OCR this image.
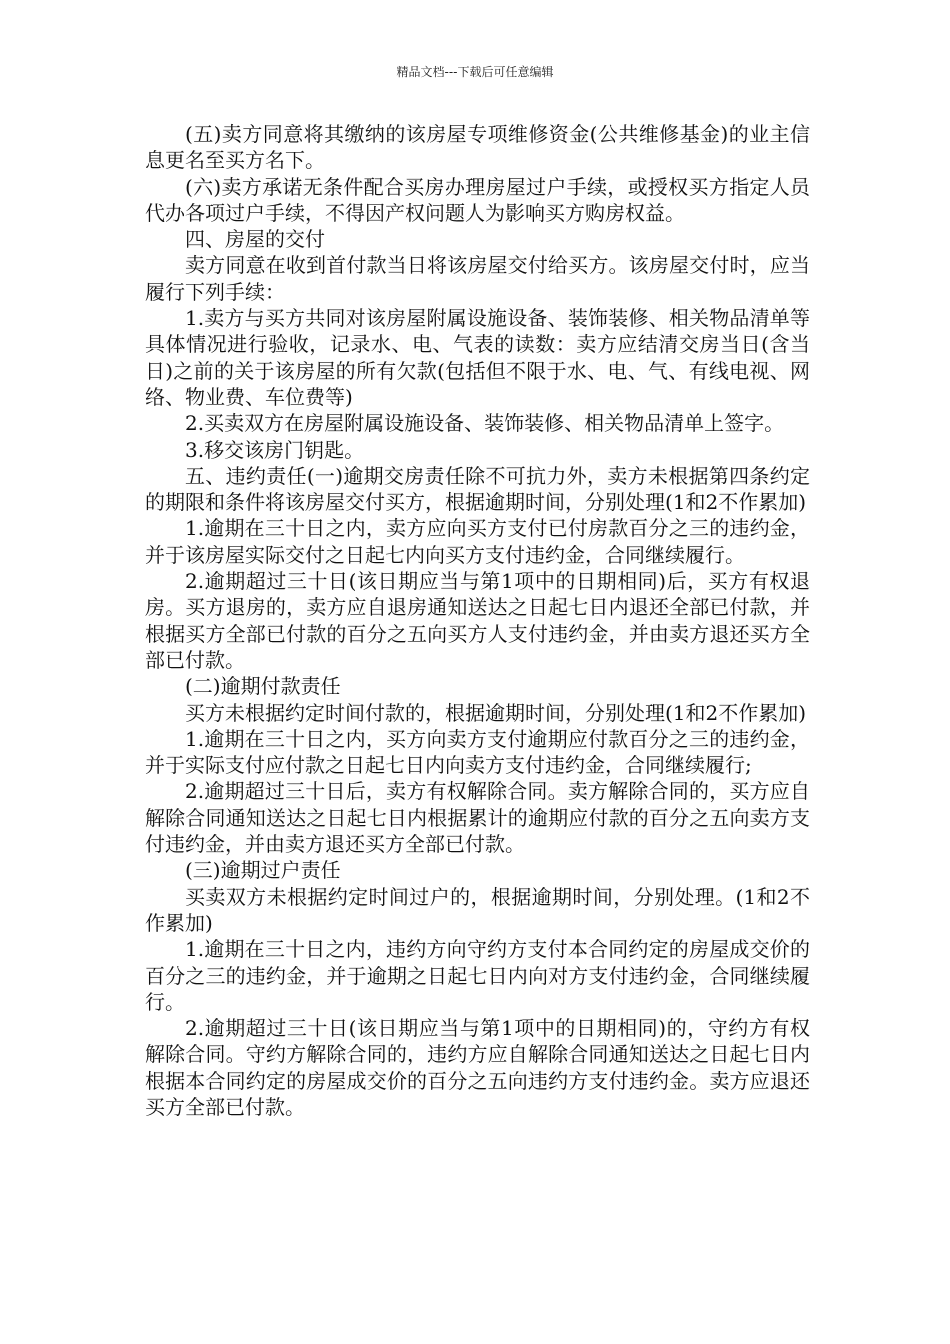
精品文档---下载后可任意编辑

(五)卖方同意将其缴纳的该房屋专项维修资金(公共维修基金)的业主信息更名至买方名下。

(六)卖方承诺无条件配合买房办理房屋过户手续，或授权买方指定人员代办各项过户手续，不得因产权问题人为影响买方购房权益。

四、房屋的交付

卖方同意在收到首付款当日将该房屋交付给买方。该房屋交付时，应当履行下列手续：

1.卖方与买方共同对该房屋附属设施设备、装饰装修、相关物品清单等具体情况进行验收，记录水、电、气表的读数：卖方应结清交房当日(含当日)之前的关于该房屋的所有欠款(包括但不限于水、电、气、有线电视、网络、物业费、车位费等)

2.买卖双方在房屋附属设施设备、装饰装修、相关物品清单上签字。

3.移交该房门钥匙。

五、违约责任(一)逾期交房责任除不可抗力外，卖方未根据第四条约定的期限和条件将该房屋交付买方，根据逾期时间，分别处理(1和2不作累加)

1.逾期在三十日之内，卖方应向买方支付已付房款百分之三的违约金，并于该房屋实际交付之日起七内向买方支付违约金，合同继续履行。

2.逾期超过三十日(该日期应当与第1项中的日期相同)后，买方有权退房。买方退房的，卖方应自退房通知送达之日起七日内退还全部已付款，并根据买方全部已付款的百分之五向买方人支付违约金，并由卖方退还买方全部已付款。

(二)逾期付款责任

买方未根据约定时间付款的，根据逾期时间，分别处理(1和2不作累加)

1.逾期在三十日之内，买方向卖方支付逾期应付款百分之三的违约金，并于实际支付应付款之日起七日内向卖方支付违约金，合同继续履行;

2.逾期超过三十日后，卖方有权解除合同。卖方解除合同的，买方应自解除合同通知送达之日起七日内根据累计的逾期应付款的百分之五向卖方支付违约金，并由卖方退还买方全部已付款。

(三)逾期过户责任

买卖双方未根据约定时间过户的，根据逾期时间，分别处理。(1和2不作累加)

1.逾期在三十日之内，违约方向守约方支付本合同约定的房屋成交价的百分之三的违约金，并于逾期之日起七日内向对方支付违约金，合同继续履行。

2.逾期超过三十日(该日期应当与第1项中的日期相同)的，守约方有权解除合同。守约方解除合同的，违约方应自解除合同通知送达之日起七日内根据本合同约定的房屋成交价的百分之五向违约方支付违约金。卖方应退还买方全部已付款。
